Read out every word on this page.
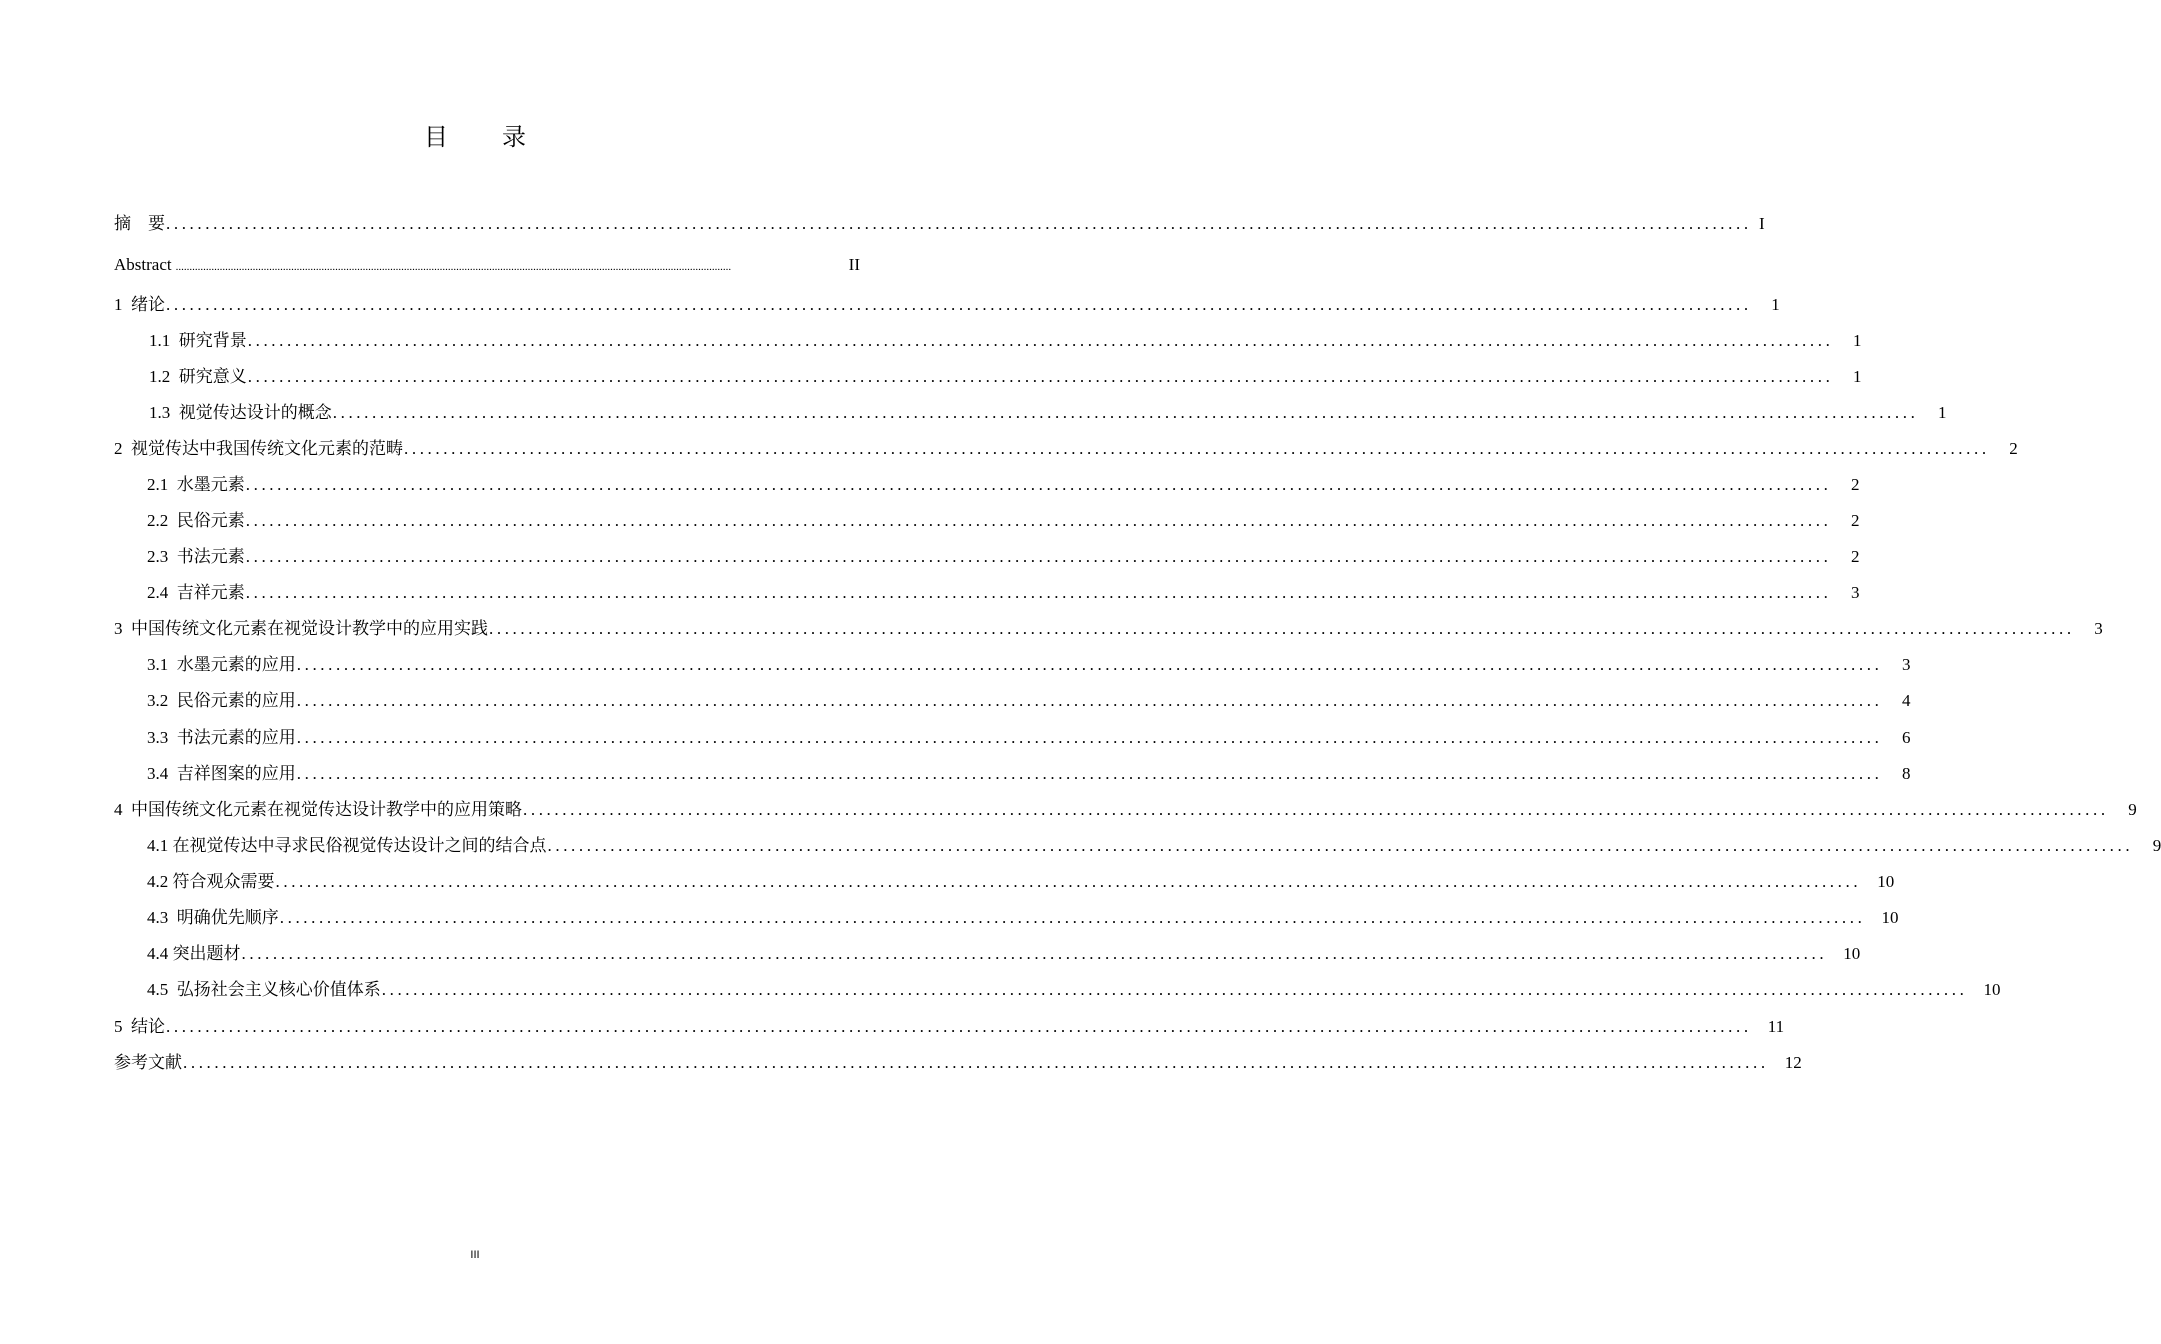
目 录
摘    要 .......................................................................................................................................................................................................... I
Abstract ..........................................................................................................................................................................................................	II
1  绪论 .......................................................................................................................................................................................................... 1
1.1  研究背景 .......................................................................................................................................................................................................... 1
1.2  研究意义 .......................................................................................................................................................................................................... 1
1.3  视觉传达设计的概念 .......................................................................................................................................................................................................... 1
2  视觉传达中我国传统文化元素的范畴 .......................................................................................................................................................................................................... 2
2.1  水墨元素 .......................................................................................................................................................................................................... 2
2.2  民俗元素 .......................................................................................................................................................................................................... 2
2.3  书法元素 .......................................................................................................................................................................................................... 2
2.4  吉祥元素 .......................................................................................................................................................................................................... 3
3  中国传统文化元素在视觉设计教学中的应用实践 .......................................................................................................................................................................................................... 3
3.1  水墨元素的应用 .......................................................................................................................................................................................................... 3
3.2  民俗元素的应用 .......................................................................................................................................................................................................... 4
3.3  书法元素的应用 .......................................................................................................................................................................................................... 6
3.4  吉祥图案的应用 .......................................................................................................................................................................................................... 8
4  中国传统文化元素在视觉传达设计教学中的应用策略 .......................................................................................................................................................................................................... 9
4.1 在视觉传达中寻求民俗视觉传达设计之间的结合点 .......................................................................................................................................................................................................... 9
4.2 符合观众需要 .......................................................................................................................................................................................................... 10
4.3  明确优先顺序 .......................................................................................................................................................................................................... 10
4.4 突出题材 .......................................................................................................................................................................................................... 10
4.5  弘扬社会主义核心价值体系 .......................................................................................................................................................................................................... 10
5  结论 .......................................................................................................................................................................................................... 11
参考文献 .......................................................................................................................................................................................................... 12
III
